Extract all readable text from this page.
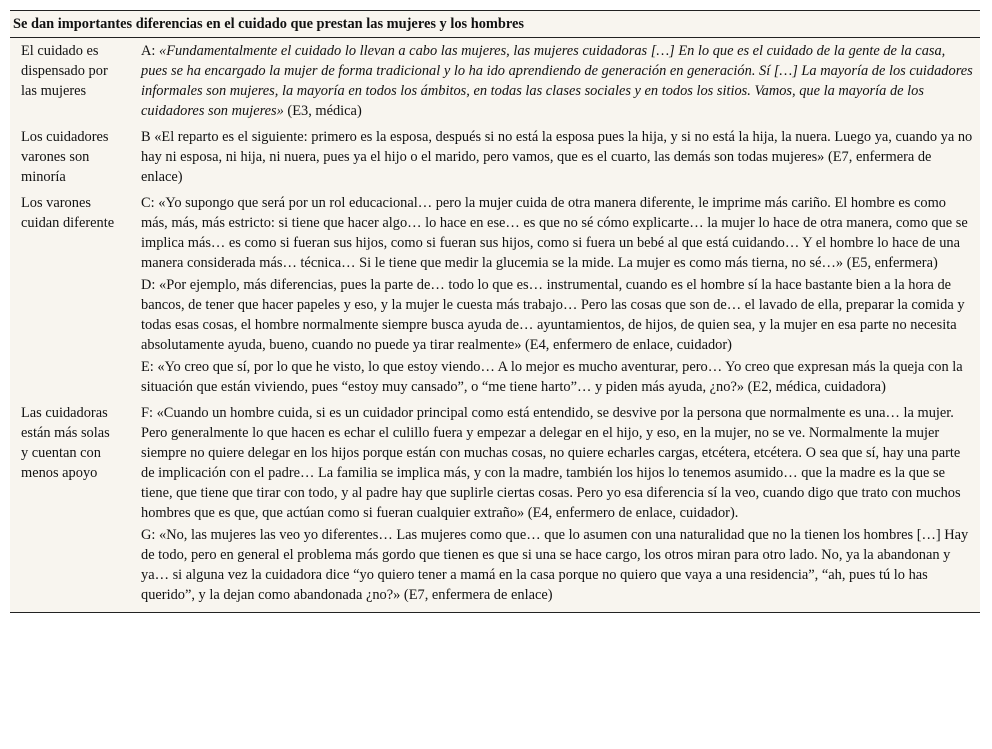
Se dan importantes diferencias en el cuidado que prestan las mujeres y los hombres
El cuidado es dispensado por las mujeres	A: «Fundamentalmente el cuidado lo llevan a cabo las mujeres, las mujeres cuidadoras […] En lo que es el cuidado de la gente de la casa, pues se ha encargado la mujer de forma tradicional y lo ha ido aprendiendo de generación en generación. Sí […] La mayoría de los cuidadores informales son mujeres, la mayoría en todos los ámbitos, en todas las clases sociales y en todos los sitios. Vamos, que la mayoría de los cuidadores son mujeres» (E3, médica)

Los cuidadores varones son minoría	B «El reparto es el siguiente: primero es la esposa, después si no está la esposa pues la hija, y si no está la hija, la nuera. Luego ya, cuando ya no hay ni esposa, ni hija, ni nuera, pues ya el hijo o el marido, pero vamos, que es el cuarto, las demás son todas mujeres» (E7, enfermera de enlace)

Los varones cuidan diferente	C: «Yo supongo que será por un rol educacional… pero la mujer cuida de otra manera diferente, le imprime más cariño. El hombre es como más, más, más estricto: si tiene que hacer algo… lo hace en ese… es que no sé cómo explicarte… la mujer lo hace de otra manera, como que se implica más… es como si fueran sus hijos, como si fueran sus hijos, como si fuera un bebé al que está cuidando… Y el hombre lo hace de una manera considerada más… técnica… Si le tiene que medir la glucemia se la mide. La mujer es como más tierna, no sé…» (E5, enfermera)
D: «Por ejemplo, más diferencias, pues la parte de… todo lo que es… instrumental, cuando es el hombre sí la hace bastante bien a la hora de bancos, de tener que hacer papeles y eso, y la mujer le cuesta más trabajo… Pero las cosas que son de… el lavado de ella, preparar la comida y todas esas cosas, el hombre normalmente siempre busca ayuda de… ayuntamientos, de hijos, de quien sea, y la mujer en esa parte no necesita absolutamente ayuda, bueno, cuando no puede ya tirar realmente» (E4, enfermero de enlace, cuidador)
E: «Yo creo que sí, por lo que he visto, lo que estoy viendo… A lo mejor es mucho aventurar, pero… Yo creo que expresan más la queja con la situación que están viviendo, pues “estoy muy cansado”, o “me tiene harto”… y piden más ayuda, ¿no?» (E2, médica, cuidadora)

Las cuidadoras están más solas y cuentan con menos apoyo	F: «Cuando un hombre cuida, si es un cuidador principal como está entendido, se desvive por la persona que normalmente es una… la mujer. Pero generalmente lo que hacen es echar el culillo fuera y empezar a delegar en el hijo, y eso, en la mujer, no se ve. Normalmente la mujer siempre no quiere delegar en los hijos porque están con muchas cosas, no quiere echarles cargas, etcétera, etcétera. O sea que sí, hay una parte de implicación con el padre… La familia se implica más, y con la madre, también los hijos lo tenemos asumido… que la madre es la que se tiene, que tiene que tirar con todo, y al padre hay que suplirle ciertas cosas. Pero yo esa diferencia sí la veo, cuando digo que trato con muchos hombres que es que, que actúan como si fueran cualquier extraño» (E4, enfermero de enlace, cuidador).
G: «No, las mujeres las veo yo diferentes… Las mujeres como que… que lo asumen con una naturalidad que no la tienen los hombres […] Hay de todo, pero en general el problema más gordo que tienen es que si una se hace cargo, los otros miran para otro lado. No, ya la abandonan y ya… si alguna vez la cuidadora dice “yo quiero tener a mamá en la casa porque no quiero que vaya a una residencia”, “ah, pues tú lo has querido”, y la dejan como abandonada ¿no?» (E7, enfermera de enlace)
